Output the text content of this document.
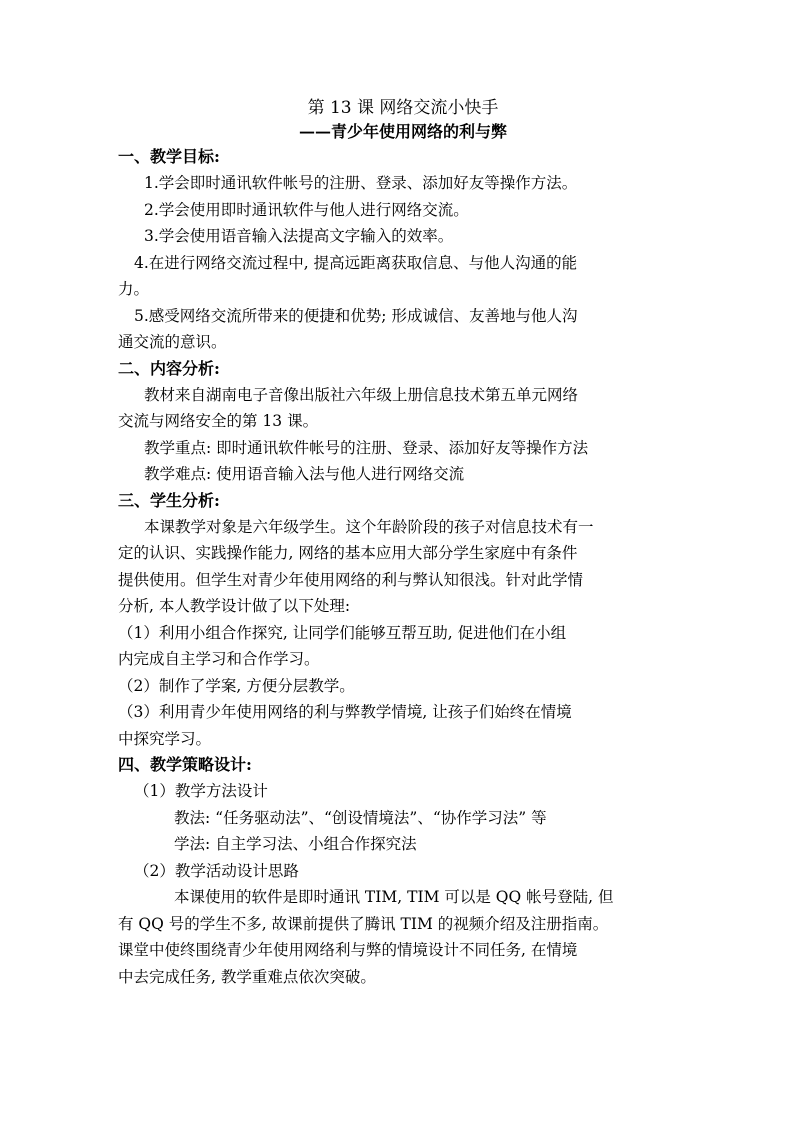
第 13 课 网络交流小快手

——青少年使用网络的利与弊

一、教学目标:

1.学会即时通讯软件帐号的注册、登录、添加好友等操作方法。

2.学会使用即时通讯软件与他人进行网络交流。

3.学会使用语音输入法提高文字输入的效率。

4.在进行网络交流过程中, 提高远距离获取信息、与他人沟通的能

力。

5.感受网络交流所带来的便捷和优势; 形成诚信、友善地与他人沟

通交流的意识。

二、内容分析:

教材来自湖南电子音像出版社六年级上册信息技术第五单元网络

交流与网络安全的第 13 课。

教学重点: 即时通讯软件帐号的注册、登录、添加好友等操作方法

教学难点: 使用语音输入法与他人进行网络交流

三、学生分析:

本课教学对象是六年级学生。这个年龄阶段的孩子对信息技术有一

定的认识、实践操作能力, 网络的基本应用大部分学生家庭中有条件

提供使用。但学生对青少年使用网络的利与弊认知很浅。针对此学情

分析, 本人教学设计做了以下处理:

（1）利用小组合作探究, 让同学们能够互帮互助, 促进他们在小组

内完成自主学习和合作学习。

（2）制作了学案, 方便分层教学。

（3）利用青少年使用网络的利与弊教学情境, 让孩子们始终在情境

中探究学习。

四、教学策略设计:

（1）教学方法设计

教法: “任务驱动法”、“创设情境法”、“协作学习法” 等

学法: 自主学习法、小组合作探究法

（2）教学活动设计思路

本课使用的软件是即时通讯 TIM, TIM 可以是 QQ 帐号登陆, 但

有 QQ 号的学生不多, 故课前提供了腾讯 TIM 的视频介绍及注册指南。

课堂中使终围绕青少年使用网络利与弊的情境设计不同任务, 在情境

中去完成任务, 教学重难点依次突破。
